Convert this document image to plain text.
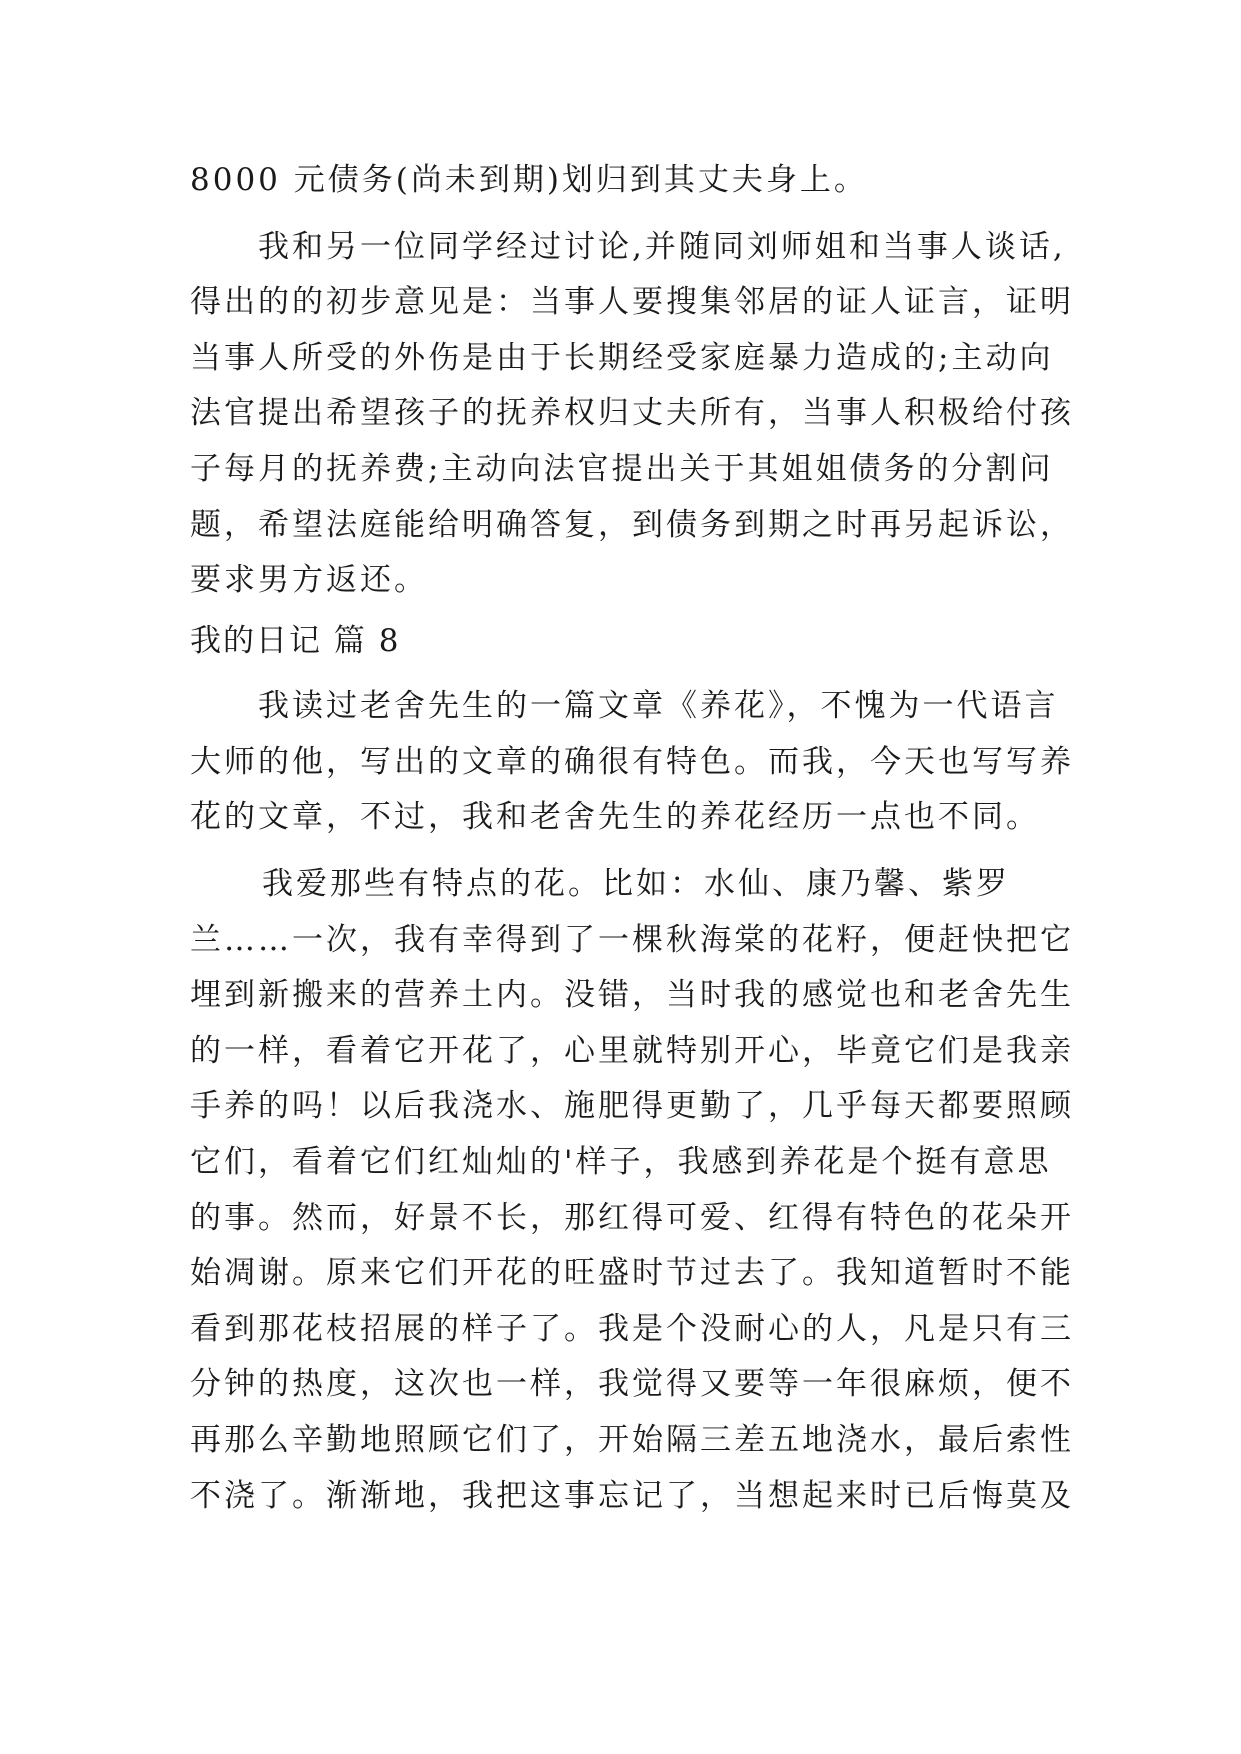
8000 元债务(尚未到期)划归到其丈夫身上。
我和另一位同学经过讨论,并随同刘师姐和当事人谈话,
得出的的初步意见是：当事人要搜集邻居的证人证言，证明
当事人所受的外伤是由于长期经受家庭暴力造成的;主动向
法官提出希望孩子的抚养权归丈夫所有，当事人积极给付孩
子每月的抚养费;主动向法官提出关于其姐姐债务的分割问
题，希望法庭能给明确答复，到债务到期之时再另起诉讼，
要求男方返还。
我的日记 篇 8
我读过老舍先生的一篇文章《养花》，不愧为一代语言
大师的他，写出的文章的确很有特色。而我，今天也写写养
花的文章，不过，我和老舍先生的养花经历一点也不同。
我爱那些有特点的花。比如：水仙、康乃馨、紫罗
兰……一次，我有幸得到了一棵秋海棠的花籽，便赶快把它
埋到新搬来的营养土内。没错，当时我的感觉也和老舍先生
的一样，看着它开花了，心里就特别开心，毕竟它们是我亲
手养的吗！以后我浇水、施肥得更勤了，几乎每天都要照顾
它们，看着它们红灿灿的'样子，我感到养花是个挺有意思
的事。然而，好景不长，那红得可爱、红得有特色的花朵开
始凋谢。原来它们开花的旺盛时节过去了。我知道暂时不能
看到那花枝招展的样子了。我是个没耐心的人，凡是只有三
分钟的热度，这次也一样，我觉得又要等一年很麻烦，便不
再那么辛勤地照顾它们了，开始隔三差五地浇水，最后索性
不浇了。渐渐地，我把这事忘记了，当想起来时已后悔莫及
